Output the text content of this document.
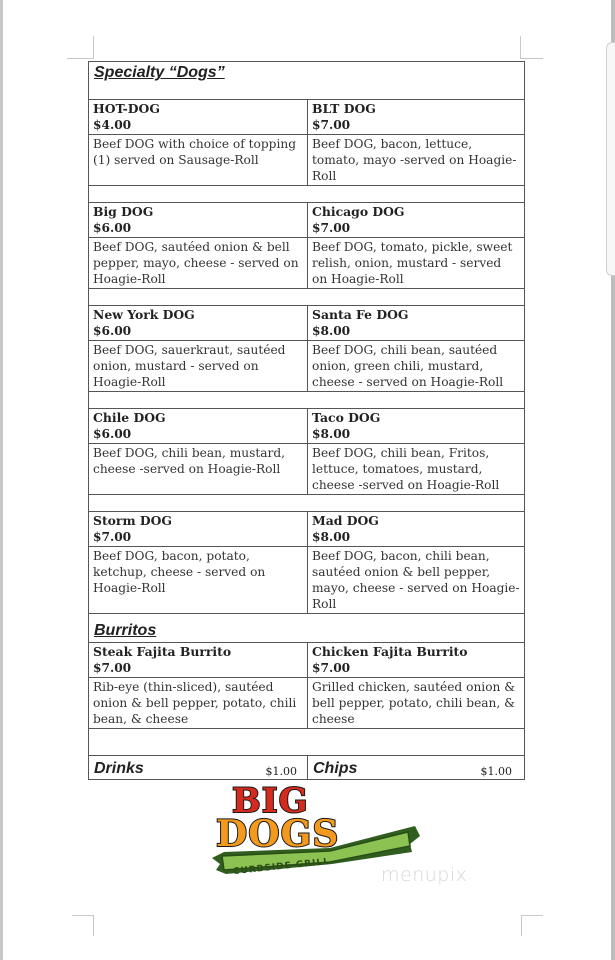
Specialty “Dogs”
HOT-DOG
$4.00
BLT DOG
$7.00
Beef DOG with choice of topping (1) served on Sausage-Roll
Beef DOG, bacon, lettuce, tomato, mayo -served on Hoagie-Roll
Big DOG
$6.00
Chicago DOG
$7.00
Beef DOG, sautéed onion & bell pepper, mayo, cheese - served on Hoagie-Roll
Beef DOG, tomato, pickle, sweet relish, onion, mustard - served on Hoagie-Roll
New York DOG
$6.00
Santa Fe DOG
$8.00
Beef DOG, sauerkraut, sautéed onion, mustard - served on Hoagie-Roll
Beef DOG, chili bean, sautéed onion, green chili, mustard, cheese - served on Hoagie-Roll
Chile DOG
$6.00
Taco DOG
$8.00
Beef DOG, chili bean, mustard, cheese -served on Hoagie-Roll
Beef DOG, chili bean, Fritos, lettuce, tomatoes, mustard, cheese -served on Hoagie-Roll
Storm DOG
$7.00
Mad DOG
$8.00
Beef DOG, bacon, potato, ketchup, cheese - served on Hoagie-Roll
Beef DOG, bacon, chili bean, sautéed onion & bell pepper, mayo, cheese - served on Hoagie-Roll
Burritos
Steak Fajita Burrito
$7.00
Chicken Fajita Burrito
$7.00
Rib-eye (thin-sliced), sautéed onion & bell pepper, potato, chili bean, & cheese
Grilled chicken, sautéed onion & bell pepper, potato, chili bean, & cheese
Drinks	$1.00 Chips	$1.00
CURBSIDE GRILL
BIG
DOGS
menupix
